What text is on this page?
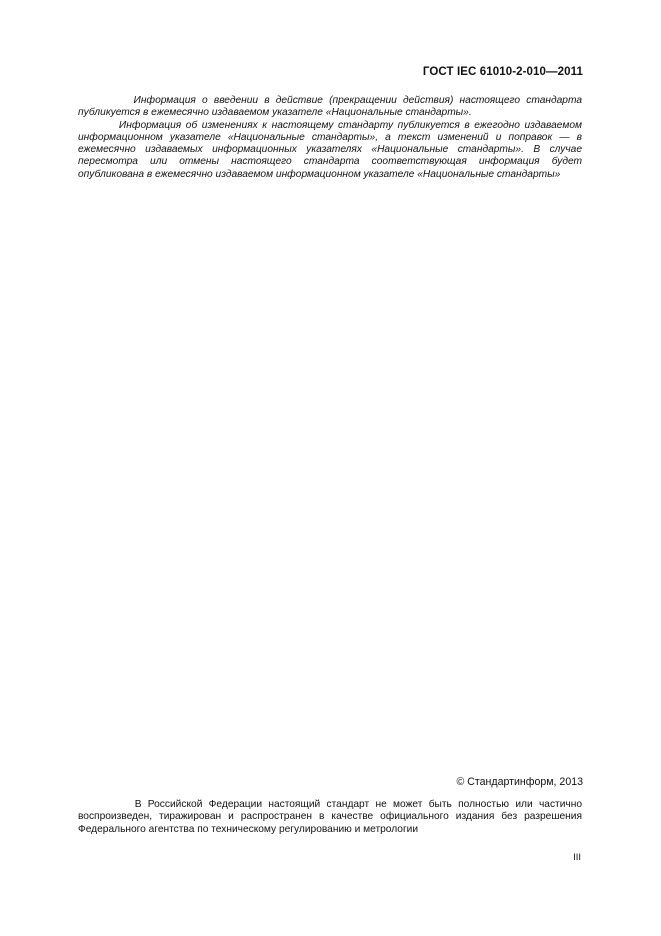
ГОСТ IEC 61010-2-010—2011

Информация о введении в действие (прекращении действия) настоящего стандарта публикуется в ежемесячно издаваемом указателе «Национальные стандарты».

Информация об изменениях к настоящему стандарту публикуется в ежегодно издаваемом информационном указателе «Национальные стандарты», а текст изменений и поправок — в ежемесячно издаваемых информационных указателях «Национальные стандарты». В случае пересмотра или отмены настоящего стандарта соответствующая информация будет опубликована в ежемесячно издаваемом информационном указателе «Национальные стандарты»

© Стандартинформ, 2013

В Российской Федерации настоящий стандарт не может быть полностью или частично воспроизведен, тиражирован и распространен в качестве официального издания без разрешения Федерального агентства по техническому регулированию и метрологии

III
